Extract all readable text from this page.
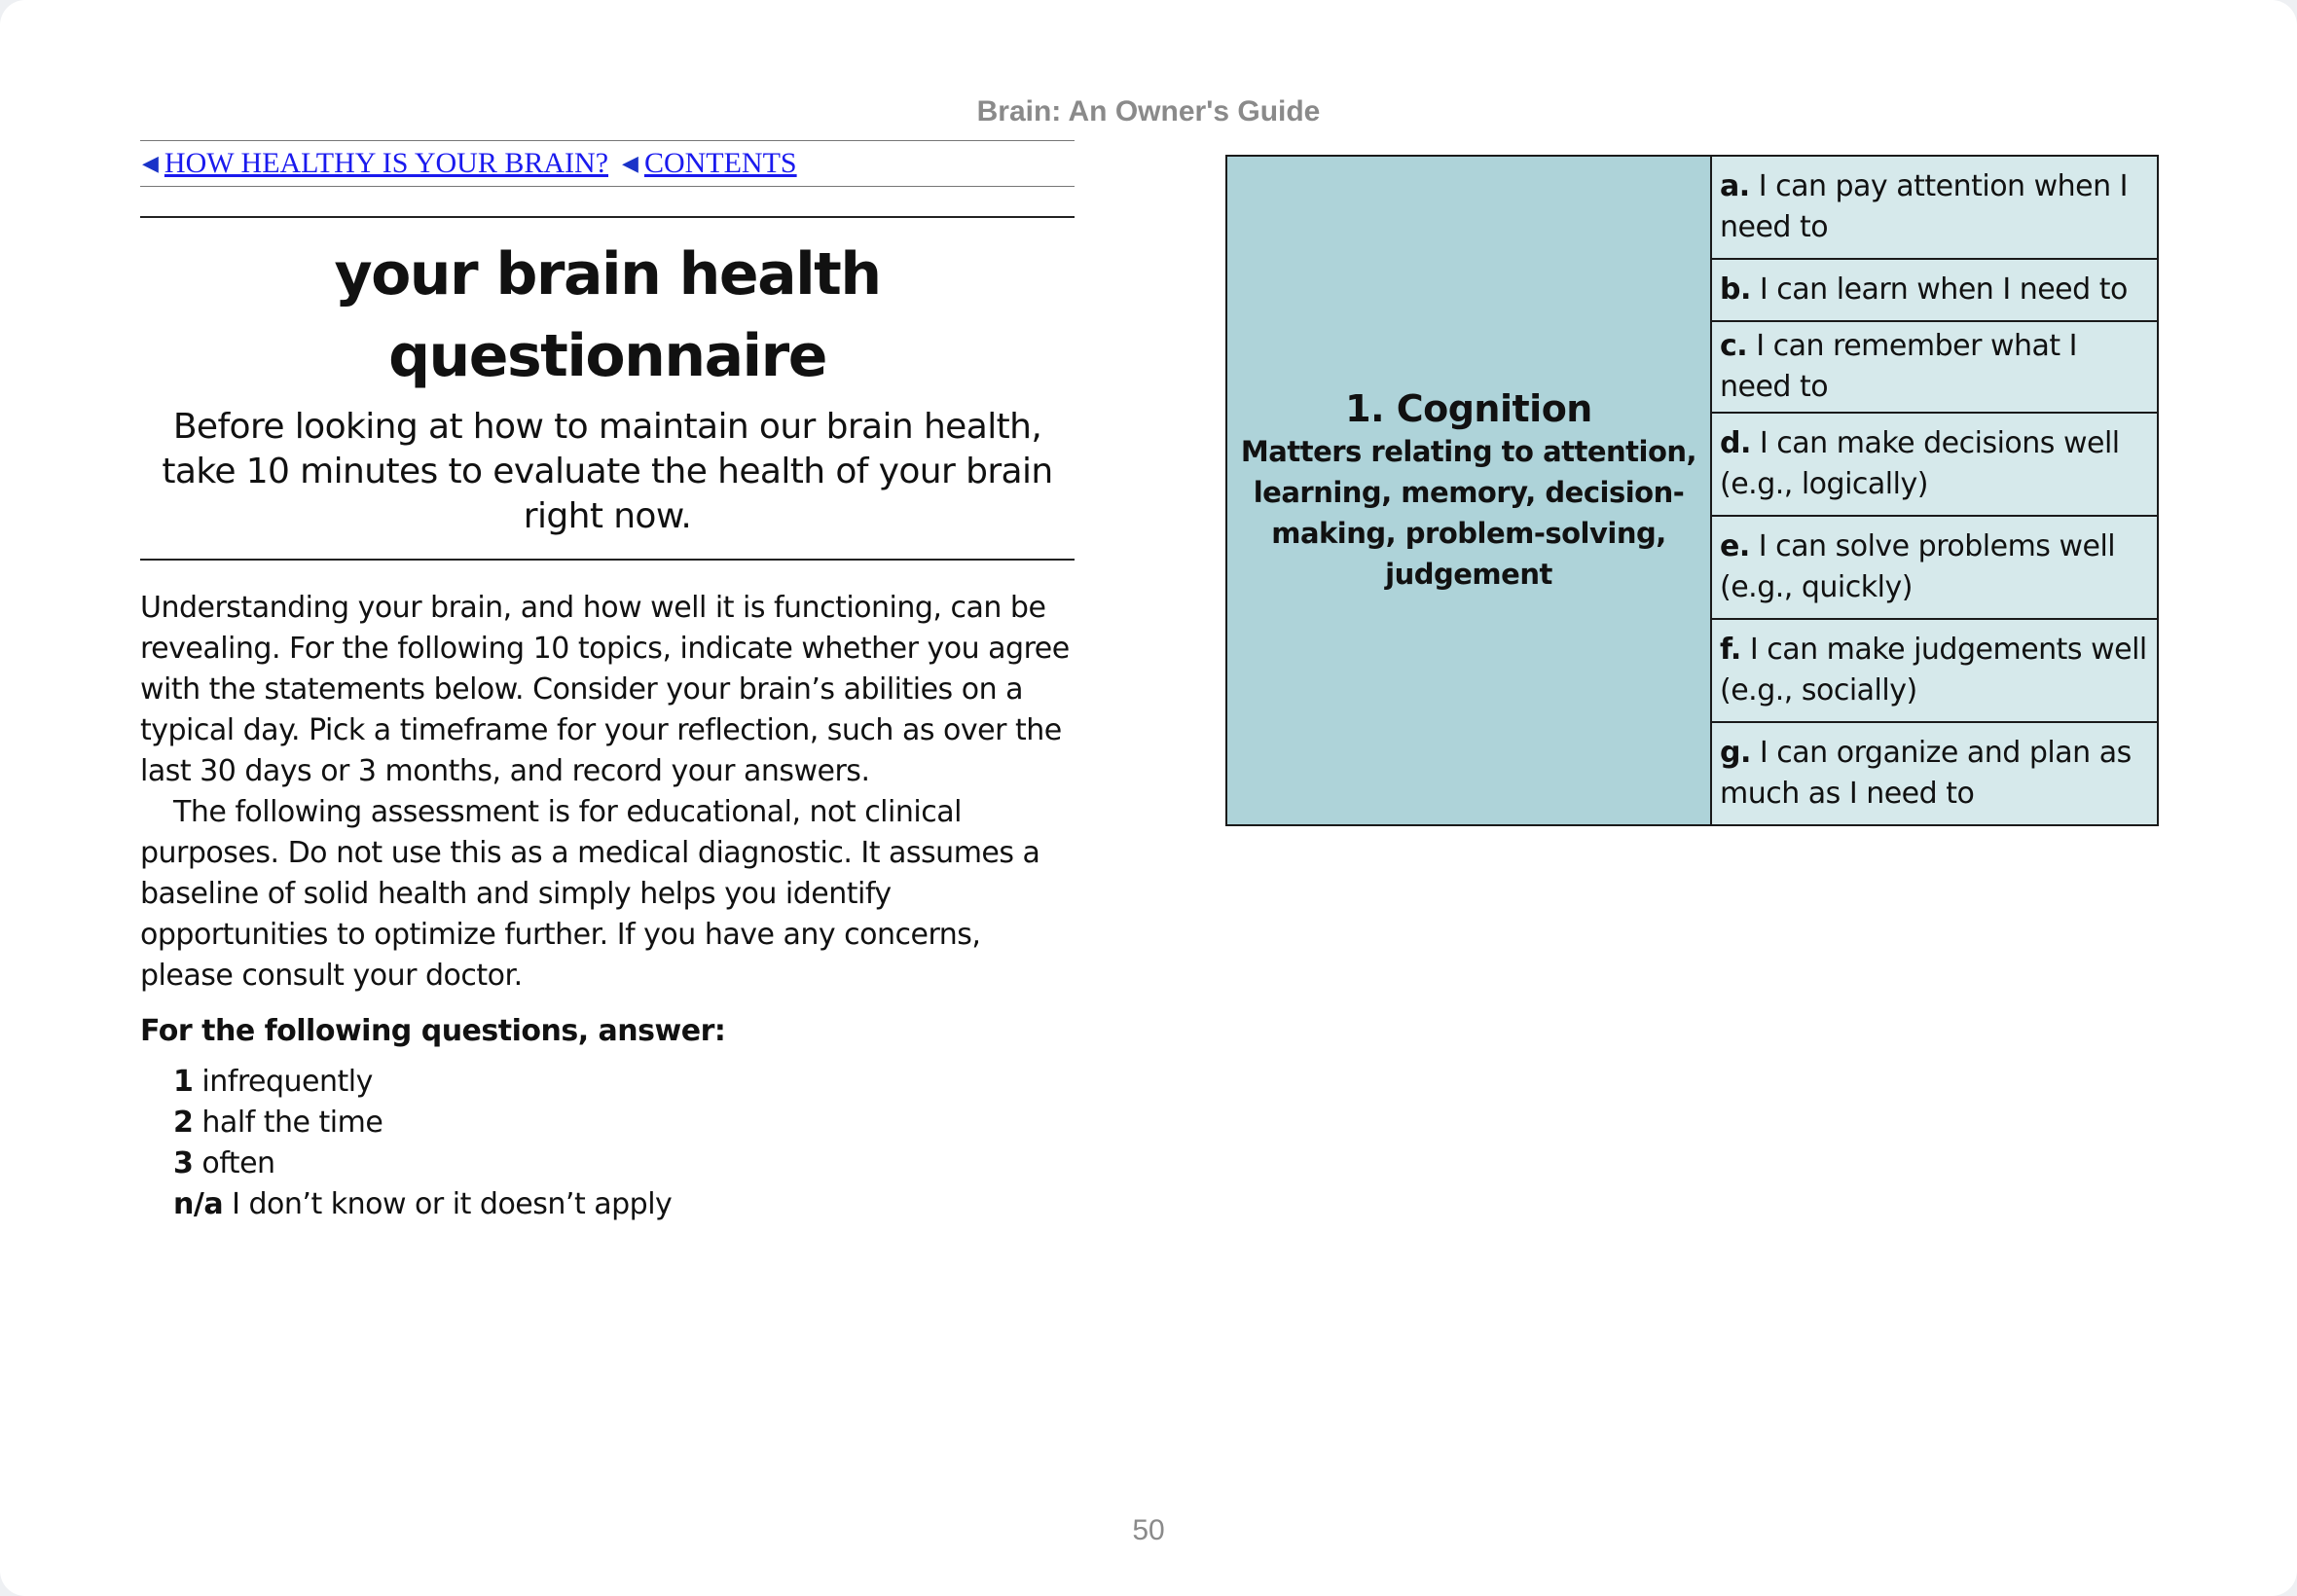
Brain: An Owner's Guide
◀ HOW HEALTHY IS YOUR BRAIN? ◀ CONTENTS
your brain health questionnaire
Before looking at how to maintain our brain health, take 10 minutes to evaluate the health of your brain right now.

Understanding your brain, and how well it is functioning, can be revealing. For the following 10 topics, indicate whether you agree with the statements below. Consider your brain’s abilities on a typical day. Pick a timeframe for your reflection, such as over the last 30 days or 3 months, and record your answers.

The following assessment is for educational, not clinical purposes. Do not use this as a medical diagnostic. It assumes a baseline of solid health and simply helps you identify opportunities to optimize further. If you have any concerns, please consult your doctor.

For the following questions, answer:
1 infrequently
2 half the time
3 often
n/a I don’t know or it doesn’t apply
1. Cognition
Matters relating to attention, learning, memory, decision-making, problem-solving, judgement
	a. I can pay attention when I need to
b. I can learn when I need to
c. I can remember what I need to
d. I can make decisions well (e.g., logically)
e. I can solve problems well (e.g., quickly)
f. I can make judgements well (e.g., socially)
g. I can organize and plan as much as I need to
50
